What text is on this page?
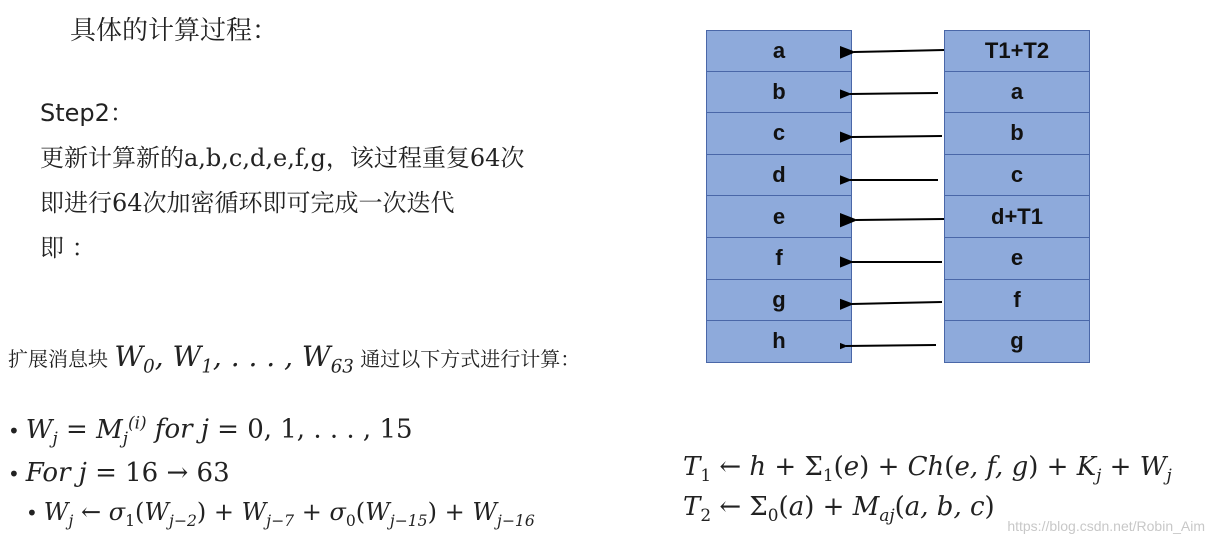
具体的计算过程：
Step2：
更新计算新的a,b,c,d,e,f,g，该过程重复64次
即进行64次加密循环即可完成一次迭代
即 ：
扩展消息块 $W_0$, $W_1$, . . . , $W_{63}$ 通过以下方式进行计算：
• $W_j = M_j^{(i)}$ for j = 0, 1, . . . , 15
• For j = 16 → 63
• $W_j$ ← $\sigma_1(W_{j-2}) + W_{j-7} + \sigma_0(W_{j-15}) + W_{j-16}$
$T_1$ ← $h + \Sigma_1(e) + Ch(e$, f, $g) + K_j + W_j$
$T_2$ ← $\Sigma_0(a) + M_{aj}(a$, b, c)
a
b
c
d
e
f
g
h
T1+T2
a
b
c
d+T1
e
f
g
https://blog.csdn.net/Robin_Aim
